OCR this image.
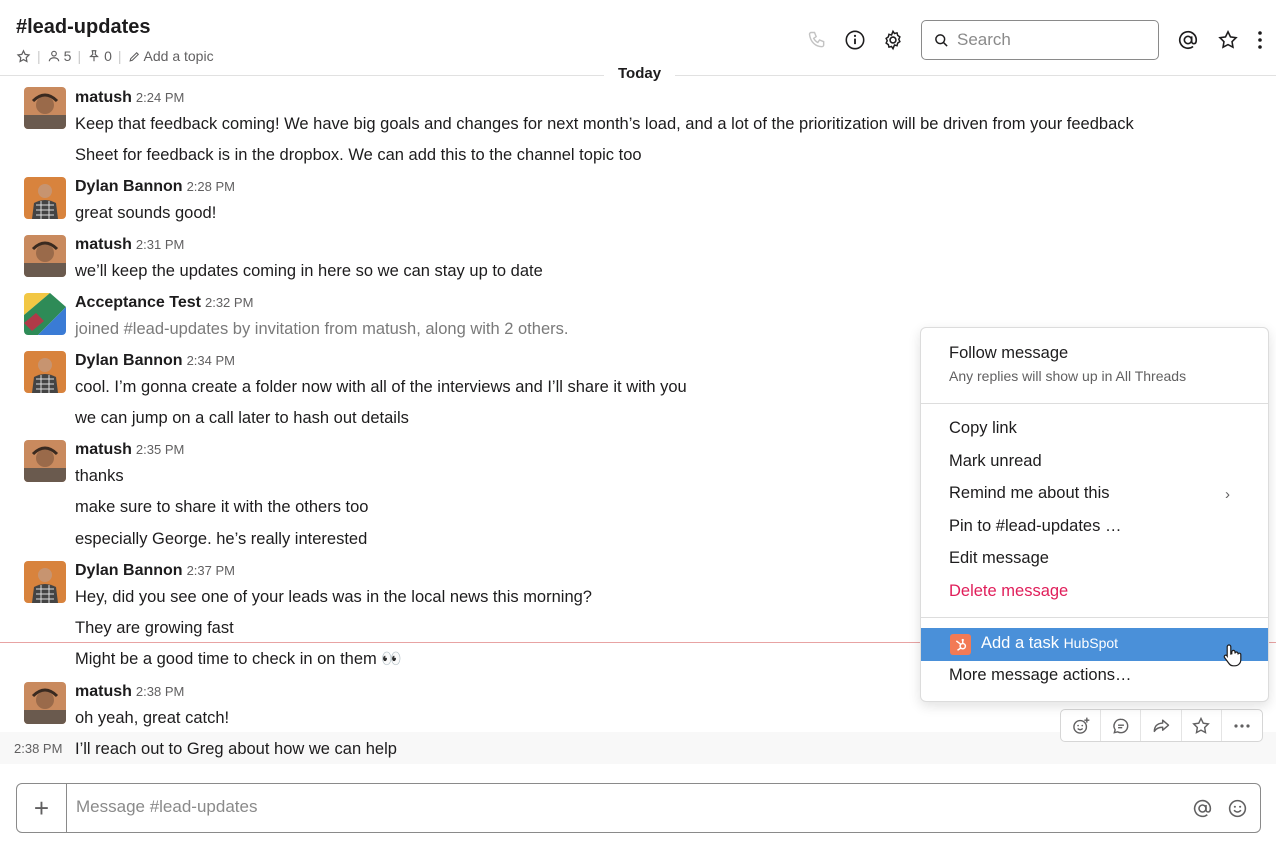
#lead-updates
| 5 | 0 | Add a topic
Search
Today
matush 2:24 PM
Keep that feedback coming! We have big goals and changes for next month’s load, and a lot of the prioritization will be driven from your feedback
Sheet for feedback is in the dropbox. We can add this to the channel topic too
Dylan Bannon 2:28 PM
great sounds good!
matush 2:31 PM
we’ll keep the updates coming in here so we can stay up to date
Acceptance Test 2:32 PM
joined #lead-updates by invitation from matush, along with 2 others.
Dylan Bannon 2:34 PM
cool. I’m gonna create a folder now with all of the interviews and I’ll share it with you
we can jump on a call later to hash out details
matush 2:35 PM
thanks
make sure to share it with the others too
especially George. he’s really interested
Dylan Bannon 2:37 PM
Hey, did you see one of your leads was in the local news this morning?
They are growing fast
Might be a good time to check in on them 👀
matush 2:38 PM
oh yeah, great catch!
2:38 PM I’ll reach out to Greg about how we can help
Follow message
Any replies will show up in All Threads
Copy link
Mark unread
Remind me about this	›
Pin to #lead-updates …
Edit message
Delete message
Add a task HubSpot
More message actions…
+
Message #lead-updates
